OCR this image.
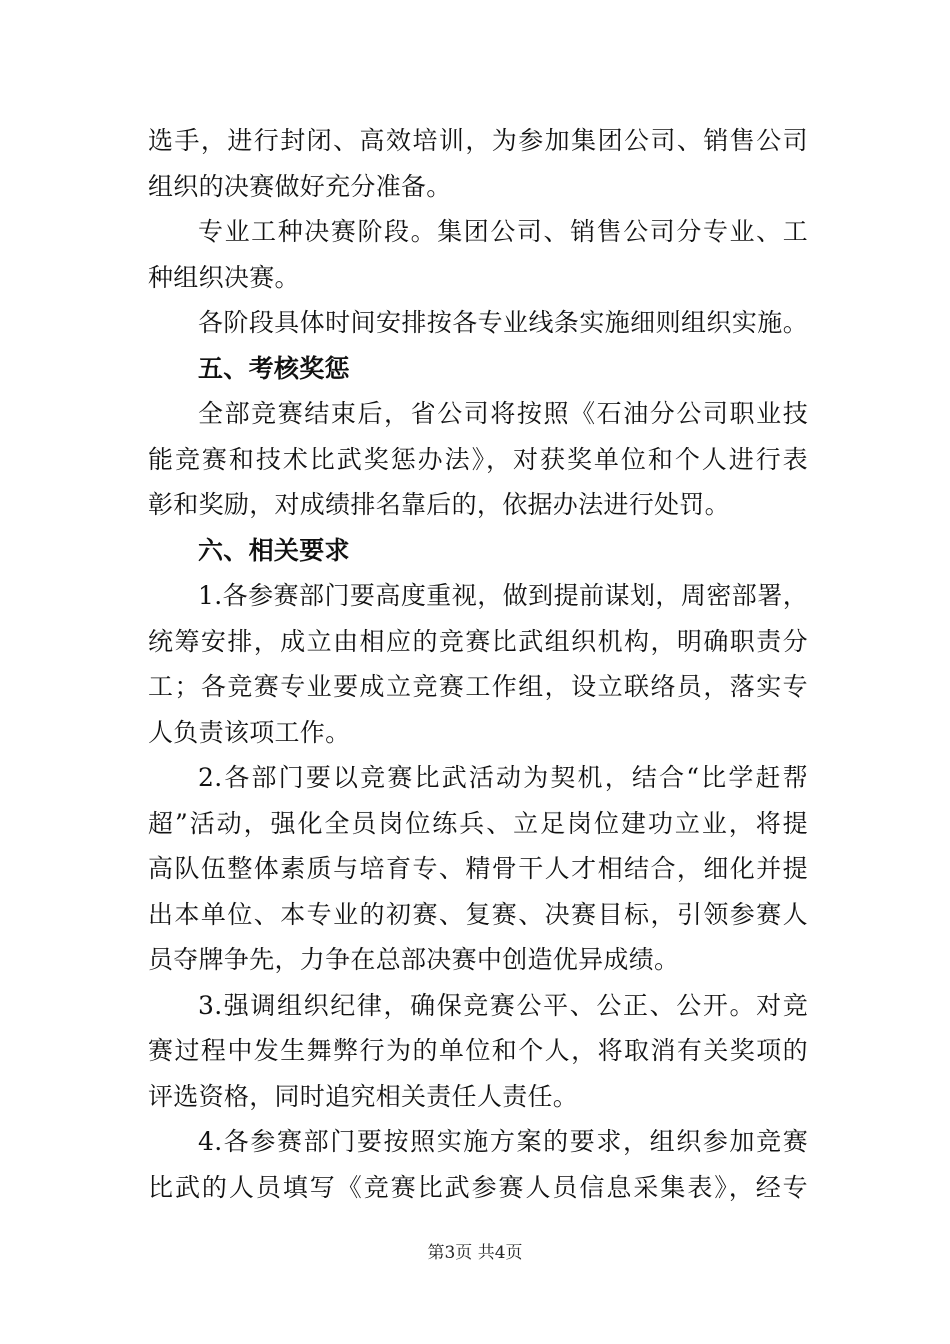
选手，进行封闭、高效培训，为参加集团公司、销售公司
组织的决赛做好充分准备。
专业工种决赛阶段。集团公司、销售公司分专业、工
种组织决赛。
各阶段具体时间安排按各专业线条实施细则组织实施。
五、考核奖惩
全部竞赛结束后，省公司将按照《石油分公司职业技
能竞赛和技术比武奖惩办法》，对获奖单位和个人进行表
彰和奖励，对成绩排名靠后的，依据办法进行处罚。
六、相关要求
1.各参赛部门要高度重视，做到提前谋划，周密部署，
统筹安排，成立由相应的竞赛比武组织机构，明确职责分
工；各竞赛专业要成立竞赛工作组，设立联络员，落实专
人负责该项工作。
2.各部门要以竞赛比武活动为契机，结合“比学赶帮
超”活动，强化全员岗位练兵、立足岗位建功立业，将提
高队伍整体素质与培育专、精骨干人才相结合，细化并提
出本单位、本专业的初赛、复赛、决赛目标，引领参赛人
员夺牌争先，力争在总部决赛中创造优异成绩。
3.强调组织纪律，确保竞赛公平、公正、公开。对竞
赛过程中发生舞弊行为的单位和个人，将取消有关奖项的
评选资格，同时追究相关责任人责任。
4.各参赛部门要按照实施方案的要求，组织参加竞赛
比武的人员填写《竞赛比武参赛人员信息采集表》，经专
第3页 共4页
